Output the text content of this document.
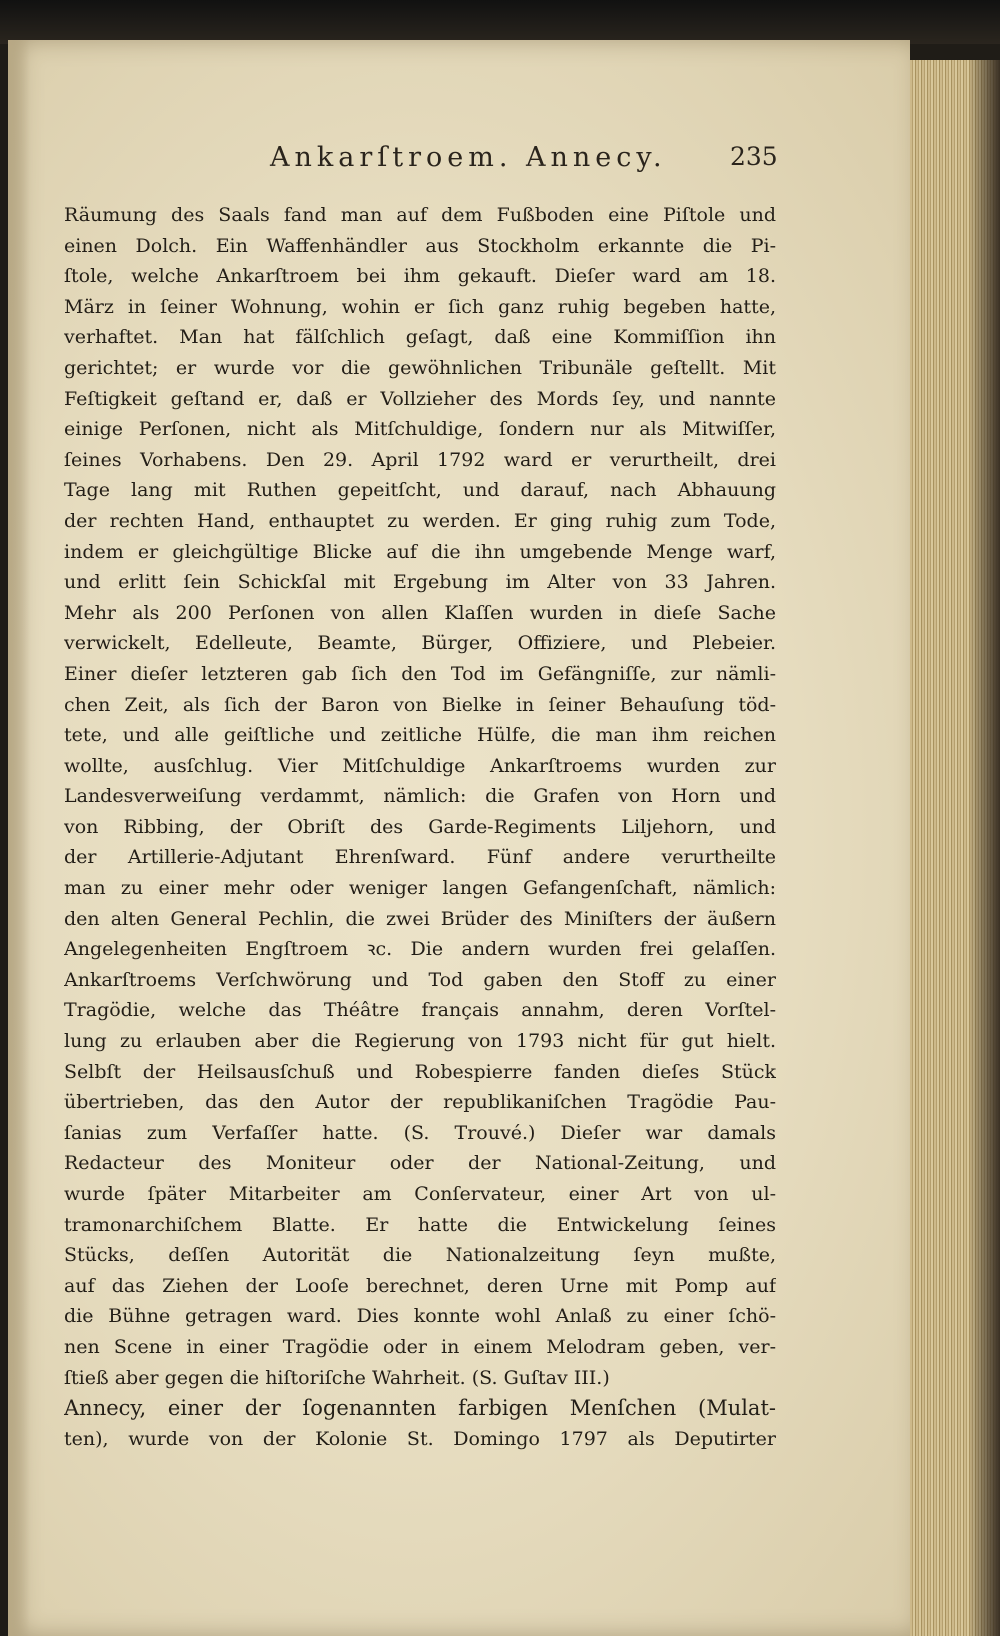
Ankarſtroem. Annecy.	235
Räumung des Saals fand man auf dem Fußboden eine Piſtole und
einen Dolch. Ein Waffenhändler aus Stockholm erkannte die Pi-
ſtole, welche Ankarſtroem bei ihm gekauft. Dieſer ward am 18.
März in ſeiner Wohnung, wohin er ſich ganz ruhig begeben hatte,
verhaftet. Man hat fälſchlich geſagt, daß eine Kommiſſion ihn
gerichtet; er wurde vor die gewöhnlichen Tribunäle geſtellt. Mit
Feſtigkeit geſtand er, daß er Vollzieher des Mords ſey, und nannte
einige Perſonen, nicht als Mitſchuldige, ſondern nur als Mitwiſſer,
ſeines Vorhabens. Den 29. April 1792 ward er verurtheilt, drei
Tage lang mit Ruthen gepeitſcht, und darauf, nach Abhauung
der rechten Hand, enthauptet zu werden. Er ging ruhig zum Tode,
indem er gleichgültige Blicke auf die ihn umgebende Menge warf,
und erlitt ſein Schickſal mit Ergebung im Alter von 33 Jahren.
Mehr als 200 Perſonen von allen Klaſſen wurden in dieſe Sache
verwickelt, Edelleute, Beamte, Bürger, Offiziere, und Plebeier.
Einer dieſer letzteren gab ſich den Tod im Gefängniſſe, zur nämli-
chen Zeit, als ſich der Baron von Bielke in ſeiner Behauſung töd-
tete, und alle geiſtliche und zeitliche Hülfe, die man ihm reichen
wollte, ausſchlug. Vier Mitſchuldige Ankarſtroems wurden zur
Landesverweiſung verdammt, nämlich: die Grafen von Horn und
von Ribbing, der Obriſt des Garde-Regiments Liljehorn, und
der Artillerie-Adjutant Ehrenſward. Fünf andere verurtheilte
man zu einer mehr oder weniger langen Gefangenſchaft, nämlich:
den alten General Pechlin, die zwei Brüder des Miniſters der äußern
Angelegenheiten Engſtroem ꝛc. Die andern wurden frei gelaſſen.
Ankarſtroems Verſchwörung und Tod gaben den Stoff zu einer
Tragödie, welche das Théâtre français annahm, deren Vorſtel-
lung zu erlauben aber die Regierung von 1793 nicht für gut hielt.
Selbſt der Heilsausſchuß und Robespierre fanden dieſes Stück
übertrieben, das den Autor der republikaniſchen Tragödie Pau-
ſanias zum Verfaſſer hatte. (S. Trouvé.) Dieſer war damals
Redacteur des Moniteur oder der National-Zeitung, und
wurde ſpäter Mitarbeiter am Conſervateur, einer Art von ul-
tramonarchiſchem Blatte. Er hatte die Entwickelung ſeines
Stücks, deſſen Autorität die Nationalzeitung ſeyn mußte,
auf das Ziehen der Looſe berechnet, deren Urne mit Pomp auf
die Bühne getragen ward. Dies konnte wohl Anlaß zu einer ſchö-
nen Scene in einer Tragödie oder in einem Melodram geben, ver-
ſtieß aber gegen die hiſtoriſche Wahrheit. (S. Guſtav III.)
Annecy, einer der ſogenannten farbigen Menſchen (Mulat-
ten), wurde von der Kolonie St. Domingo 1797 als Deputirter
